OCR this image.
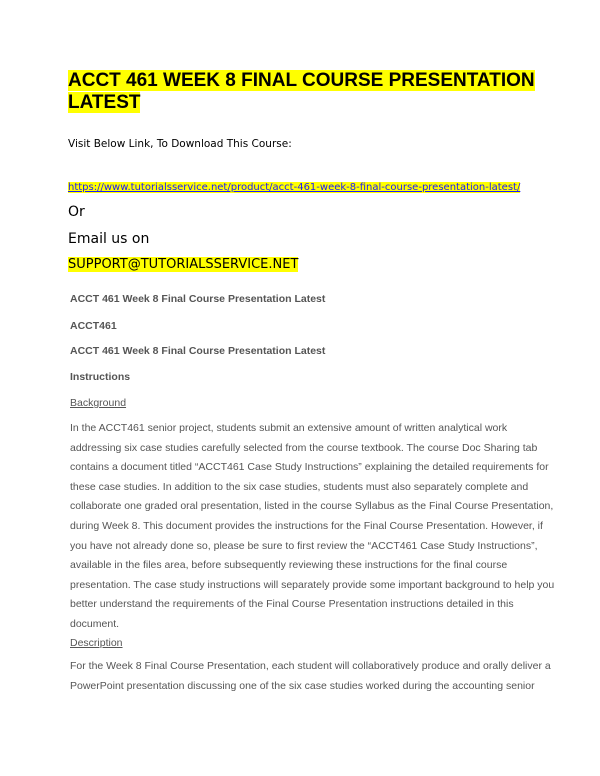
ACCT 461 WEEK 8 FINAL COURSE PRESENTATION LATEST
Visit Below Link, To Download This Course:
https://www.tutorialsservice.net/product/acct-461-week-8-final-course-presentation-latest/
Or
Email us on
SUPPORT@TUTORIALSSERVICE.NET
ACCT 461 Week 8 Final Course Presentation Latest
ACCT461
ACCT 461 Week 8 Final Course Presentation Latest
Instructions
Background

In the ACCT461 senior project, students submit an extensive amount of written analytical work
addressing six case studies carefully selected from the course textbook. The course Doc Sharing tab
contains a document titled “ACCT461 Case Study Instructions” explaining the detailed requirements for
these case studies. In addition to the six case studies, students must also separately complete and
collaborate one graded oral presentation, listed in the course Syllabus as the Final Course Presentation,
during Week 8. This document provides the instructions for the Final Course Presentation. However, if
you have not already done so, please be sure to first review the “ACCT461 Case Study Instructions”,
available in the files area, before subsequently reviewing these instructions for the final course
presentation. The case study instructions will separately provide some important background to help you
better understand the requirements of the Final Course Presentation instructions detailed in this
document.

Description

For the Week 8 Final Course Presentation, each student will collaboratively produce and orally deliver a
PowerPoint presentation discussing one of the six case studies worked during the accounting senior
